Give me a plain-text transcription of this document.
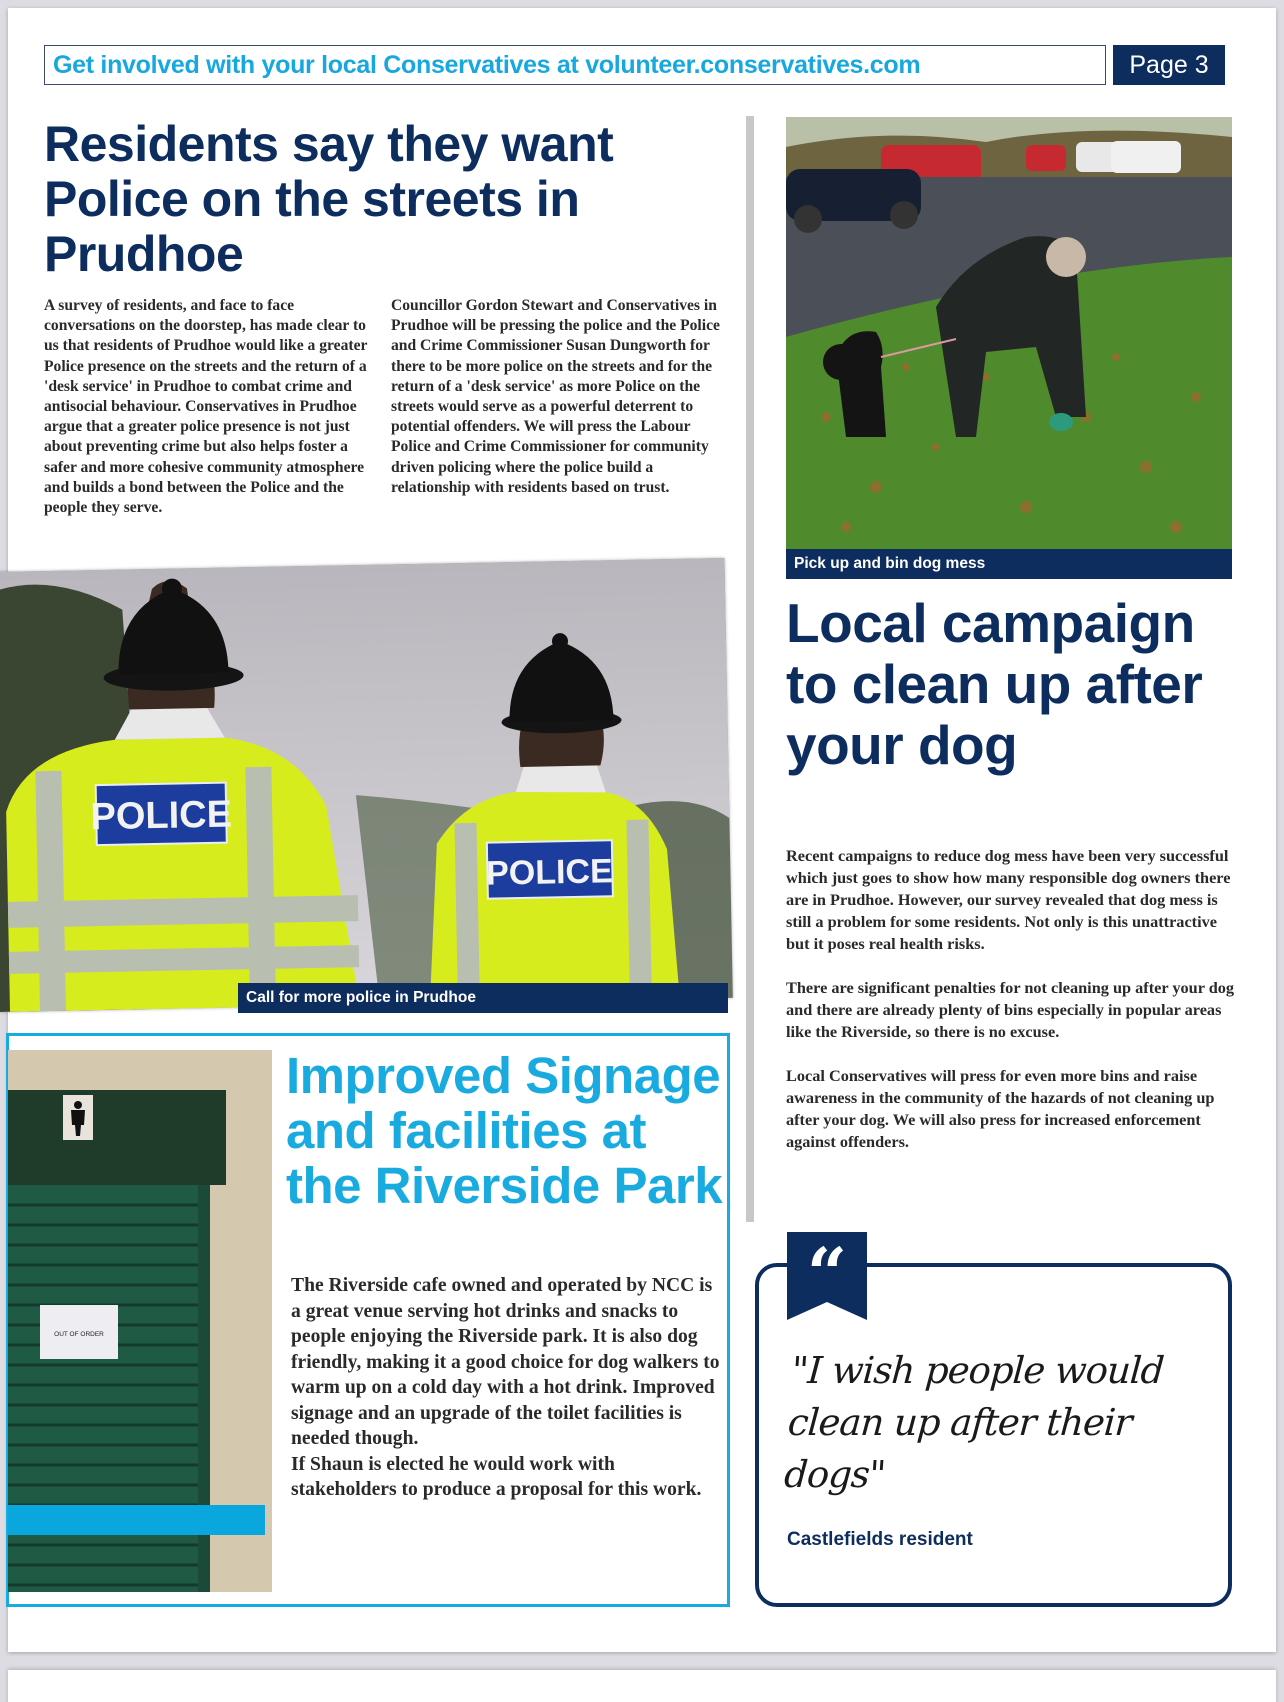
Get involved with your local Conservatives at volunteer.conservatives.com	Page 3
Residents say they want Police on the streets in Prudhoe
A survey of residents, and face to face conversations on the doorstep, has made clear to us that residents of Prudhoe would like a greater Police presence on the streets and the return of a 'desk service' in Prudhoe to combat crime and antisocial behaviour. Conservatives in Prudhoe argue that a greater police presence is not just about preventing crime but also helps foster a safer and more cohesive community atmosphere and builds a bond between the Police and the people they serve.
Councillor Gordon Stewart and Conservatives in Prudhoe will be pressing the police and the Police and Crime Commissioner Susan Dungworth for there to be more police on the streets and for the return of a 'desk service' as more Police on the streets would serve as a powerful deterrent to potential offenders. We will press the Labour Police and Crime Commissioner for community driven policing where the police build a relationship with residents based on trust.
POLICE
POLICE
Call for more police in Prudhoe
Pick up and bin dog mess
Local campaign to clean up after your dog

Recent campaigns to reduce dog mess have been very successful which just goes to show how many responsible dog owners there are in Prudhoe. However, our survey revealed that dog mess is still a problem for some residents. Not only is this unattractive but it poses real health risks.

There are significant penalties for not cleaning up after your dog and there are already plenty of bins especially in popular areas like the Riverside, so there is no excuse.

Local Conservatives will press for even more bins and raise awareness in the community of the hazards of not cleaning up after your dog. We will also press for increased enforcement against offenders.

OUT OF ORDER
Improved Signage and facilities at the Riverside Park
The Riverside cafe owned and operated by NCC is a great venue serving hot drinks and snacks to people enjoying the Riverside park. It is also dog friendly, making it a good choice for dog walkers to warm up on a cold day with a hot drink. Improved signage and an upgrade of the toilet facilities is needed though.
If Shaun is elected he would work with stakeholders to produce a proposal for this work.
“
"I wish people would clean up after their dogs"
Castlefields resident
